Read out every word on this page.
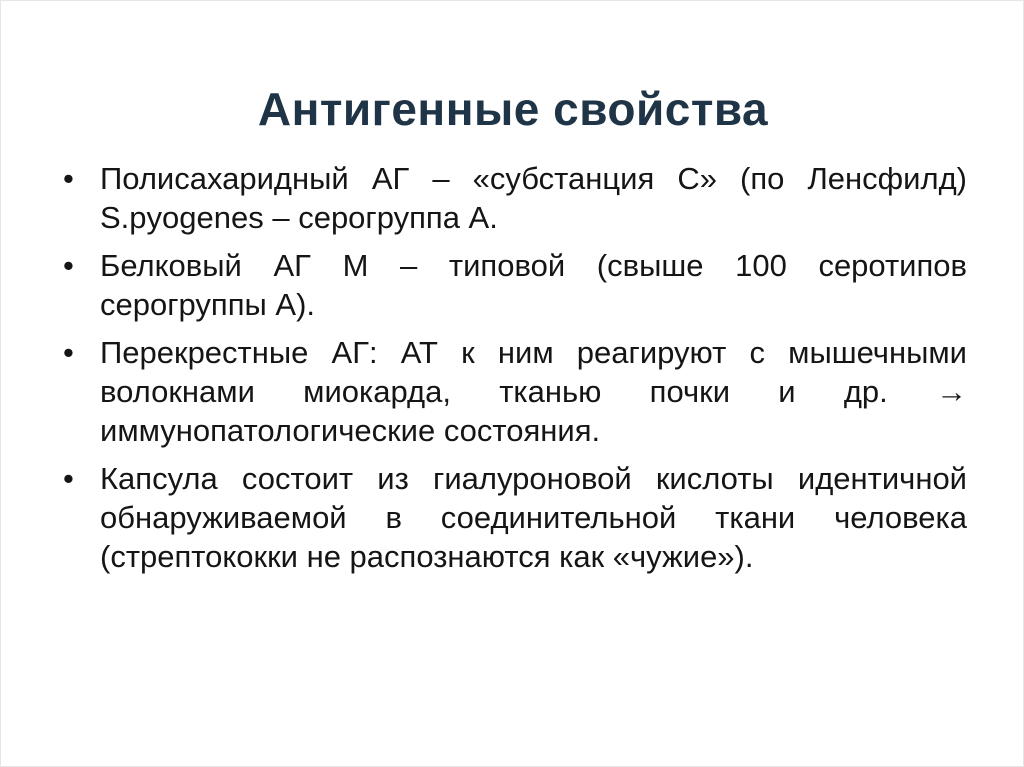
Антигенные свойства
• Полисахаридный АГ – «субстанция С» (по Ленсфилд) S.pyogenes – серогруппа А.
• Белковый АГ М – типовой (свыше 100 серотипов серогруппы А).
• Перекрестные АГ: АТ к ним реагируют с мышечными волокнами миокарда, тканью почки и др. → иммунопатологические состояния.
• Капсула состоит из гиалуроновой кислоты идентичной обнаруживаемой в соединительной ткани человека (стрептококки не распознаются как «чужие»).
